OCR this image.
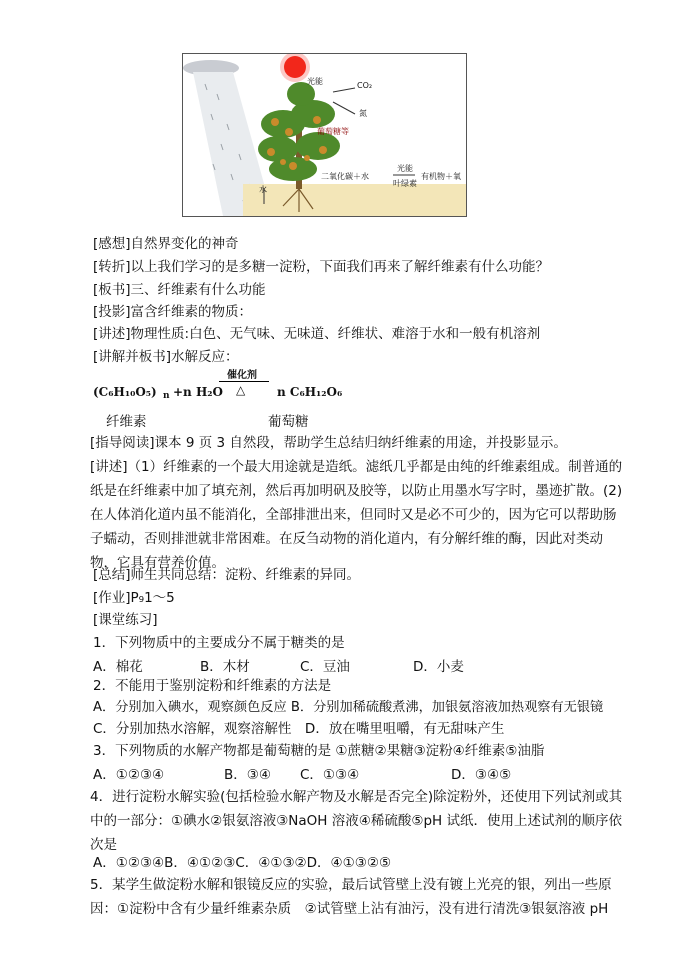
光能	CO₂
氮
葡萄糖等
水
二氧化碳＋水
光能
叶绿素
有机物＋氧
[感想]自然界变化的神奇
[转折]以上我们学习的是多糖一淀粉，下面我们再来了解纤维素有什么功能？
[板书]三、纤维素有什么功能
[投影]富含纤维素的物质：
[讲述]物理性质:白色、无气味、无味道、纤维状、难溶于水和一般有机溶剂
[讲解并板书]水解反应：
(C₆H₁₀O₅) n +n H₂O
催化剂
△	n C₆H₁₂O₆
纤维素	葡萄糖
[指导阅读]课本 9 页 3 自然段，帮助学生总结归纳纤维素的用途，并投影显示。
[讲述]（1）纤维素的一个最大用途就是造纸。滤纸几乎都是由纯的纤维素组成。制普通的纸是在纤维素中加了填充剂，然后再加明矾及胶等，以防止用墨水写字时，墨迹扩散。(2)在人体消化道内虽不能消化，全部排泄出来，但同时又是必不可少的，因为它可以帮助肠子蠕动，否则排泄就非常困难。在反刍动物的消化道内，有分解纤维的酶，因此对类动物，它具有营养价值。
[总结]师生共同总结：淀粉、纤维素的异同。
[作业]P₉1～5
[课堂练习]
1．下列物质中的主要成分不属于糖类的是
A．棉花	B．木材	C．豆油	D．小麦
2．不能用于鉴别淀粉和纤维素的方法是
A．分别加入碘水，观察颜色反应 B．分别加稀硫酸煮沸，加银氨溶液加热观察有无银镜
C．分别加热水溶解，观察溶解性　D．放在嘴里咀嚼，有无甜味产生
3．下列物质的水解产物都是葡萄糖的是 ①蔗糖②果糖③淀粉④纤维素⑤油脂
A．①②③④	B．③④ C．①③④	D．③④⑤
4．进行淀粉水解实验(包括检验水解产物及水解是否完全)除淀粉外，还使用下列试剂或其中的一部分：①碘水②银氨溶液③NaOH 溶液④稀硫酸⑤pH 试纸．使用上述试剂的顺序依次是
A．①②③④B．④①②③C．④①③②D．④①③②⑤
5．某学生做淀粉水解和银镜反应的实验，最后试管壁上没有镀上光亮的银，列出一些原因：①淀粉中含有少量纤维素杂质　②试管壁上沾有油污，没有进行清洗③银氨溶液 pH
